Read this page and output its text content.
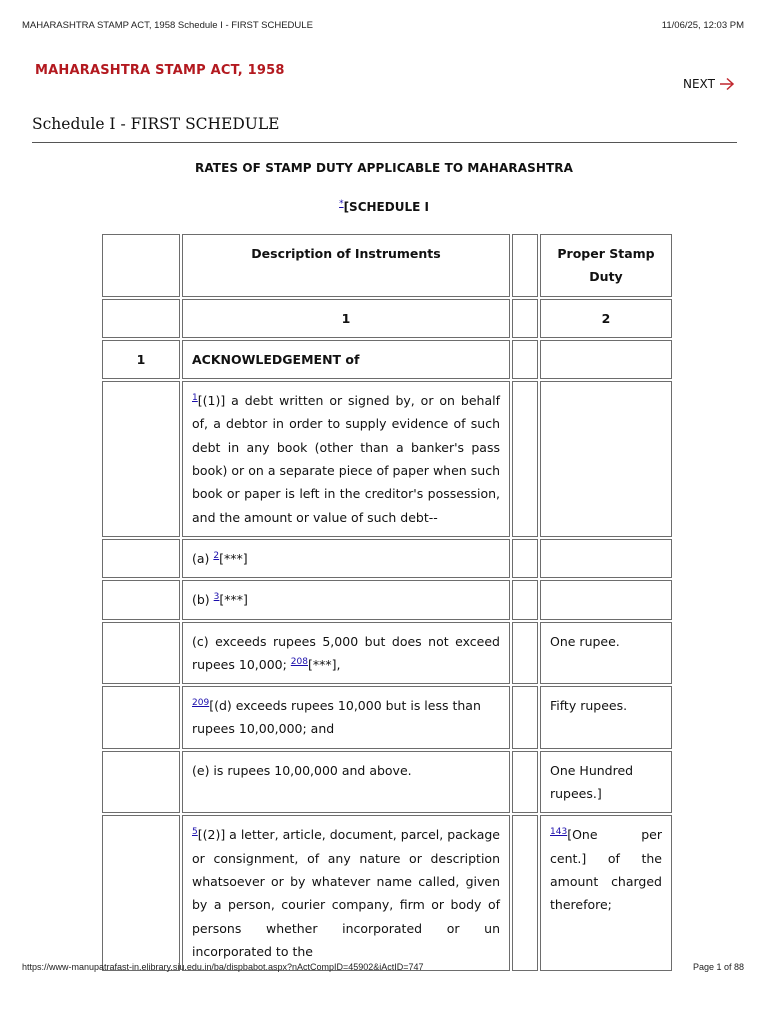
MAHARASHTRA STAMP ACT, 1958 Schedule I - FIRST SCHEDULE	11/06/25, 12:03 PM
MAHARASHTRA STAMP ACT, 1958
NEXT
Schedule I - FIRST SCHEDULE
RATES OF STAMP DUTY APPLICABLE TO MAHARASHTRA
*[SCHEDULE I
	Description of Instruments		Proper Stamp Duty
	1		2
1	ACKNOWLEDGEMENT of		
	$^1$[(1)] a debt written or signed by, or on behalf of, a debtor in order to supply evidence of such debt in any book (other than a banker's pass book) or on a separate piece of paper when such book or paper is left in the creditor's possession, and the amount or value of such debt--		
	(a) $^2$[***]		
	(b) $^3$[***]		
	(c) exceeds rupees 5,000 but does not exceed rupees 10,000; $^{208}$[***],		One rupee.
	$^{209}$[(d) exceeds rupees 10,000 but is less than rupees 10,00,000; and		Fifty rupees.
	(e) is rupees 10,00,000 and above.		One Hundred rupees.]
	$^5$[(2)] a letter, article, document, parcel, package or consignment, of any nature or description whatsoever or by whatever name called, given by a person, courier company, firm or body of persons whether incorporated or un incorporated to the		$^{143}$[One per cent.] of the amount charged therefore;
https://www-manupatrafast-in.elibrary.siu.edu.in/ba/dispbabot.aspx?nActCompID=45902&iActID=747	Page 1 of 88
